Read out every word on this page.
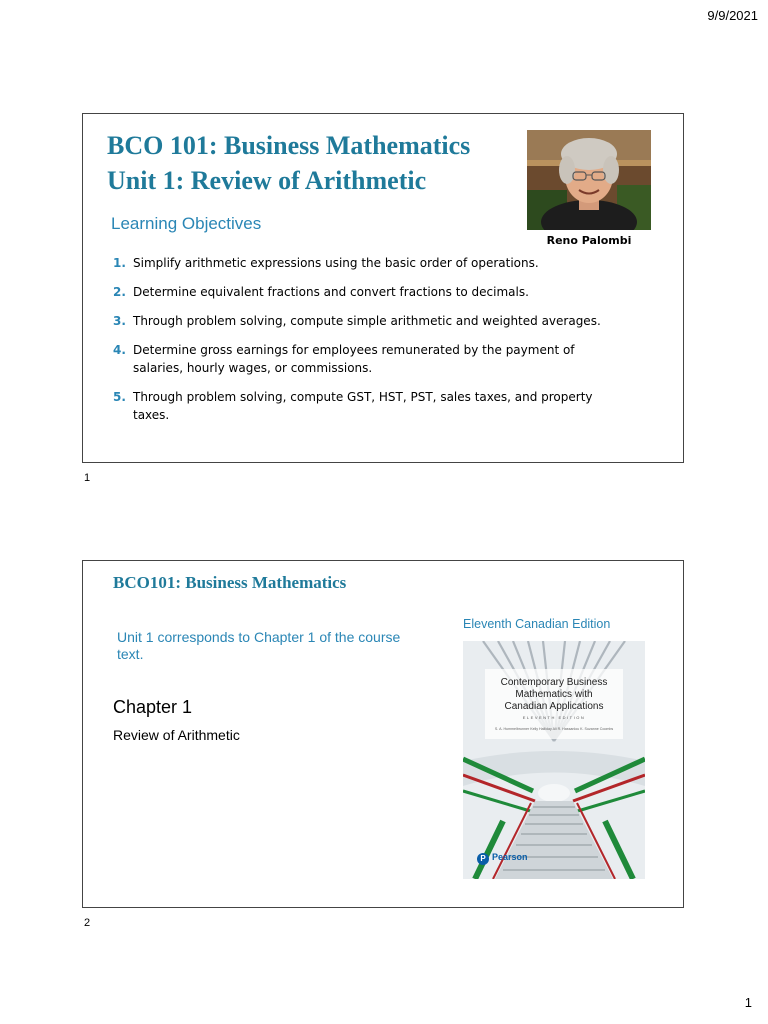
9/9/2021
BCO 101: Business Mathematics
Unit 1: Review of Arithmetic
Reno Palombi
Learning Objectives
1. Simplify arithmetic expressions using the basic order of operations.
2. Determine equivalent fractions and convert fractions to decimals.
3. Through problem solving, compute simple arithmetic and weighted averages.
4. Determine gross earnings for employees remunerated by the payment of salaries, hourly wages, or commissions.
5. Through problem solving, compute GST, HST, PST, sales taxes, and property taxes.
1
BCO101: Business Mathematics
Unit 1 corresponds to Chapter 1 of the course text.
Chapter 1
Review of Arithmetic
Eleventh Canadian Edition
Contemporary Business
Mathematics with
Canadian Applications
ELEVENTH EDITION
S. A. Hummelbrunner Kelly Halliday Ali R. Hassanlou K. Suzanne Coombs
P Pearson
2
1
